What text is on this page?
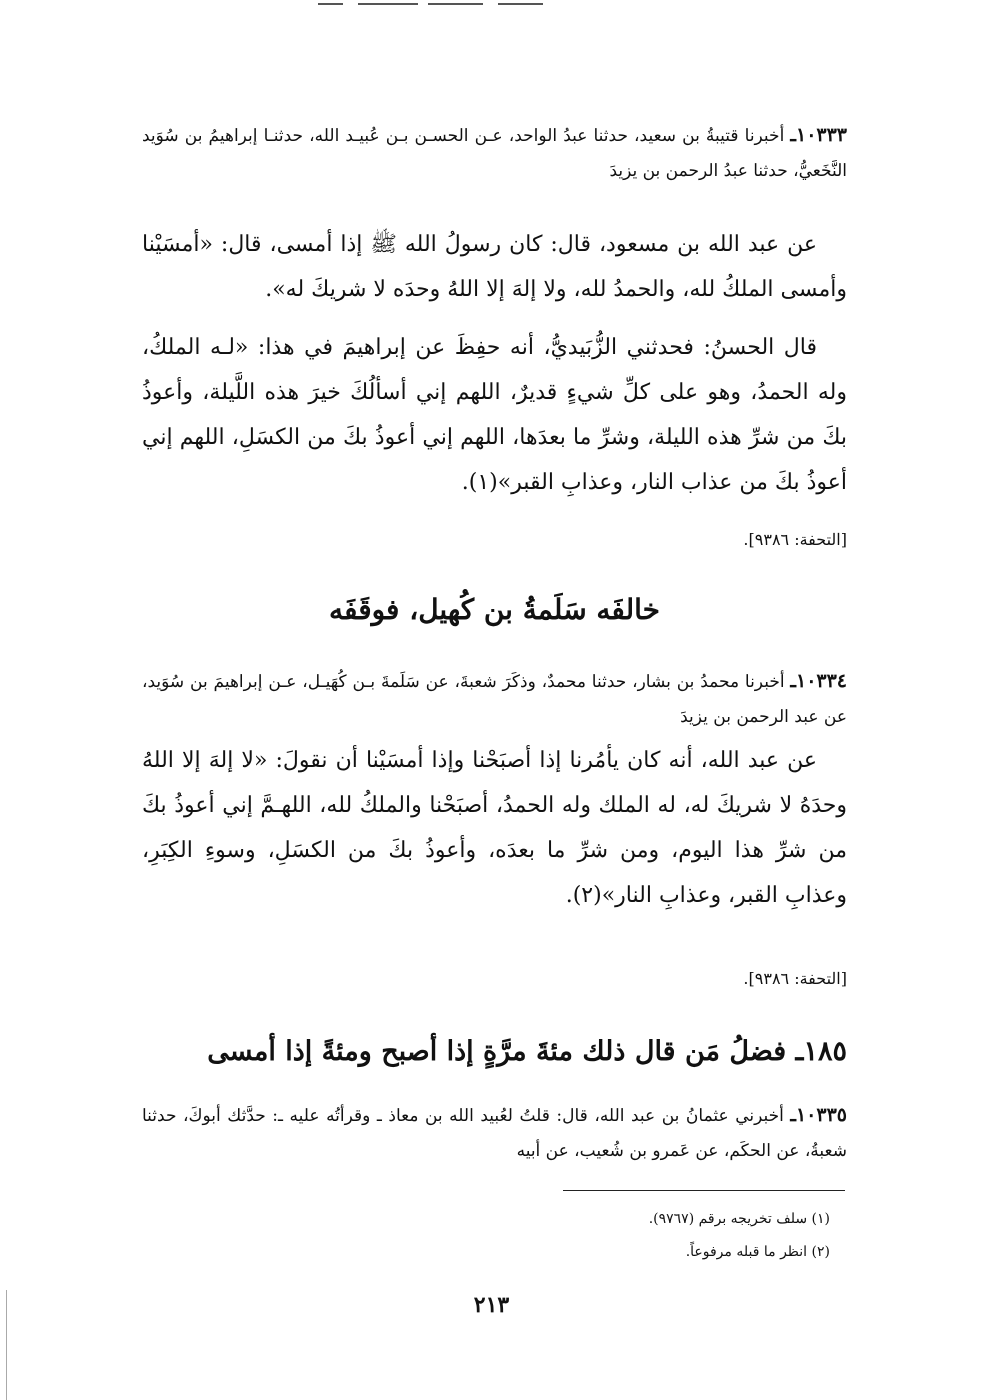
١٠٣٣٣ـ أخبرنا قتيبةُ بن سعيد، حدثنا عبدُ الواحد، عـن الحسـن بـن عُبيـد الله، حدثنـا إبراهيمُ بن سُوَيد النَّخَعيُّ، حدثنا عبدُ الرحمن بن يزيدَ
عن عبد الله بن مسعود، قال: كان رسولُ الله ﷺ إذا أمسى، قال: «أمسَيْنا وأمسى الملكُ لله، والحمدُ لله، ولا إلهَ إلا اللهُ وحدَه لا شريكَ له».
قال الحسنُ: فحدثني الزُّبَيديُّ، أنه حفِظَ عن إبراهيمَ في هذا: «لـه الملكُ، وله الحمدُ، وهو على كلِّ شيءٍ قديرٌ، اللهم إني أسألُكَ خيرَ هذه اللَّيلة، وأعوذُ بكَ من شرِّ هذه الليلة، وشرِّ ما بعدَها، اللهم إني أعوذُ بكَ من الكسَلِ، اللهم إني أعوذُ بكَ من عذاب النار، وعذابِ القبر»(١).
[التحفة: ٩٣٨٦].
خالفَه سَلَمةُ بن كُهيل، فوقَفَه
١٠٣٣٤ـ أخبرنا محمدُ بن بشار، حدثنا محمدٌ، وذكَرَ شعبةَ، عن سَلَمةَ بـن كُهَيـل، عـن إبراهيمَ بن سُوَيد، عن عبد الرحمن بن يزيدَ
عن عبد الله، أنه كان يأمُرنا إذا أصبَحْنا وإذا أمسَيْنا أن نقولَ: «لا إلهَ إلا اللهُ وحدَهُ لا شريكَ له، له الملك وله الحمدُ، أصبَحْنا والملكُ لله، اللهـمَّ إني أعوذُ بكَ من شرِّ هذا اليوم، ومن شرِّ ما بعدَه، وأعوذُ بكَ من الكسَلِ، وسوءِ الكِبَرِ، وعذابِ القبر، وعذابِ النار»(٢).
[التحفة: ٩٣٨٦].
١٨٥ـ فضلُ مَن قال ذلك مئةَ مرَّةٍ إذا أصبح ومئةً إذا أمسى
١٠٣٣٥ـ أخبرني عثمانُ بن عبد الله، قال: قلتُ لعُبيد الله بن معاذ ـ وقرأتُه عليه ـ: حدَّثك أبوكَ، حدثنا شعبةُ، عن الحكَم، عن عَمرو بن شُعيب، عن أبيه
(١) سلف تخريجه برقم (٩٧٦٧).
(٢) انظر ما قبله مرفوعاً.
٢١٣
